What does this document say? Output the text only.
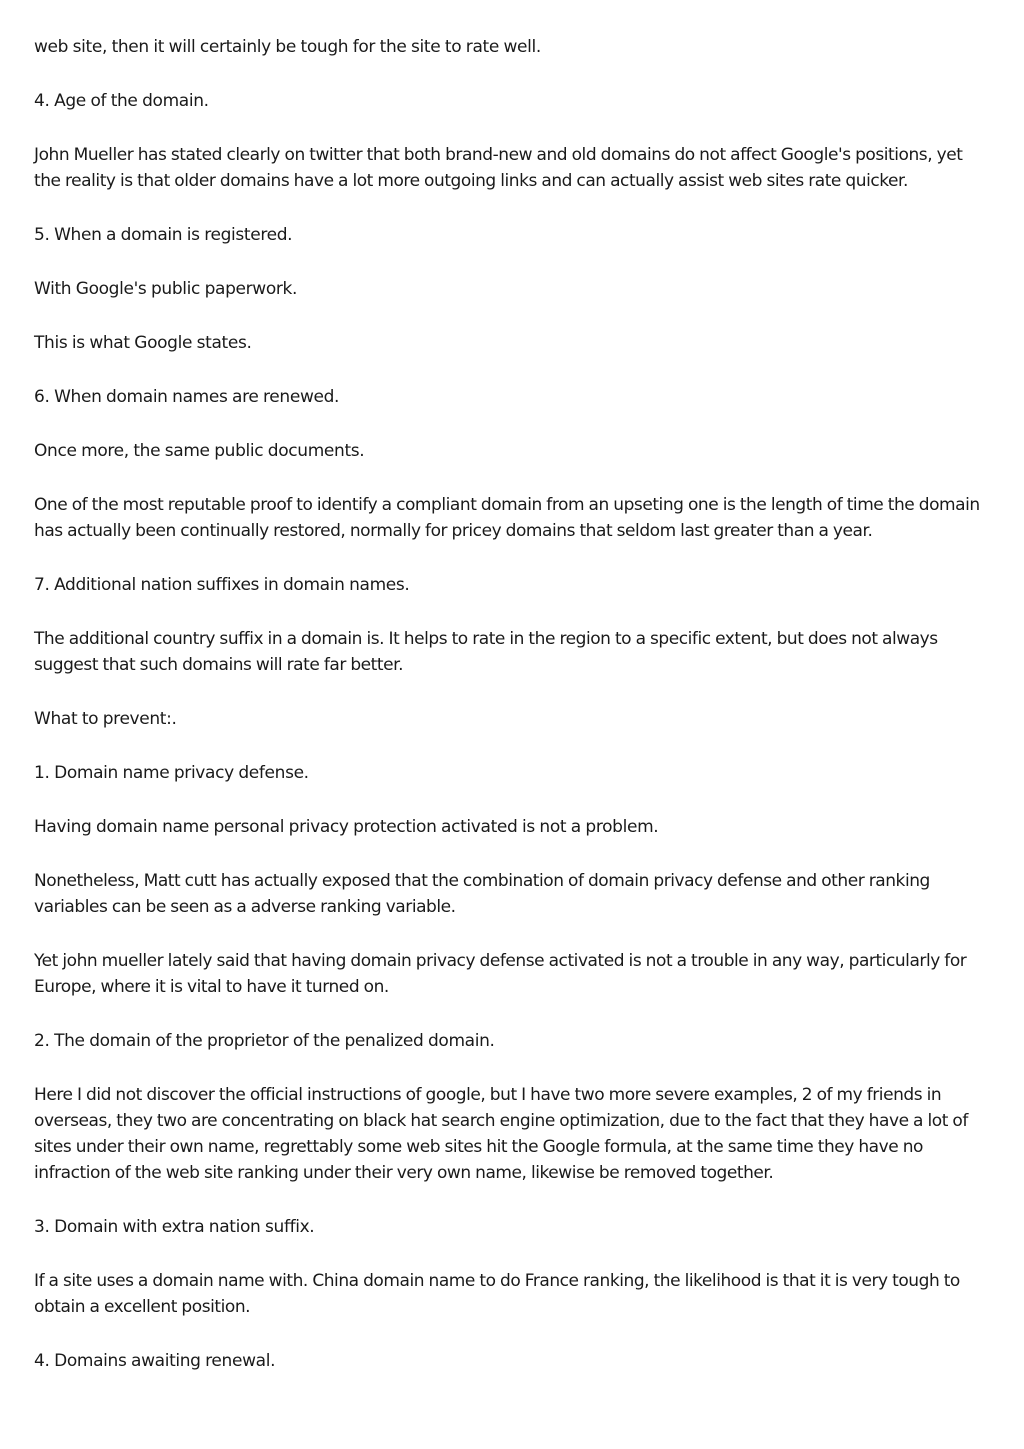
web site, then it will certainly be tough for the site to rate well.

4. Age of the domain.

John Mueller has stated clearly on twitter that both brand-new and old domains do not affect Google's positions, yet the reality is that older domains have a lot more outgoing links and can actually assist web sites rate quicker.

5. When a domain is registered.

With Google's public paperwork.

This is what Google states.

6. When domain names are renewed.

Once more, the same public documents.

One of the most reputable proof to identify a compliant domain from an upseting one is the length of time the domain has actually been continually restored, normally for pricey domains that seldom last greater than a year.

7. Additional nation suffixes in domain names.

The additional country suffix in a domain is. It helps to rate in the region to a specific extent, but does not always suggest that such domains will rate far better.

What to prevent:.

1. Domain name privacy defense.

Having domain name personal privacy protection activated is not a problem.

Nonetheless, Matt cutt has actually exposed that the combination of domain privacy defense and other ranking variables can be seen as a adverse ranking variable.

Yet john mueller lately said that having domain privacy defense activated is not a trouble in any way, particularly for Europe, where it is vital to have it turned on.

2. The domain of the proprietor of the penalized domain.

Here I did not discover the official instructions of google, but I have two more severe examples, 2 of my friends in overseas, they two are concentrating on black hat search engine optimization, due to the fact that they have a lot of sites under their own name, regrettably some web sites hit the Google formula, at the same time they have no infraction of the web site ranking under their very own name, likewise be removed together.

3. Domain with extra nation suffix.

If a site uses a domain name with. China domain name to do France ranking, the likelihood is that it is very tough to obtain a excellent position.

4. Domains awaiting renewal.
